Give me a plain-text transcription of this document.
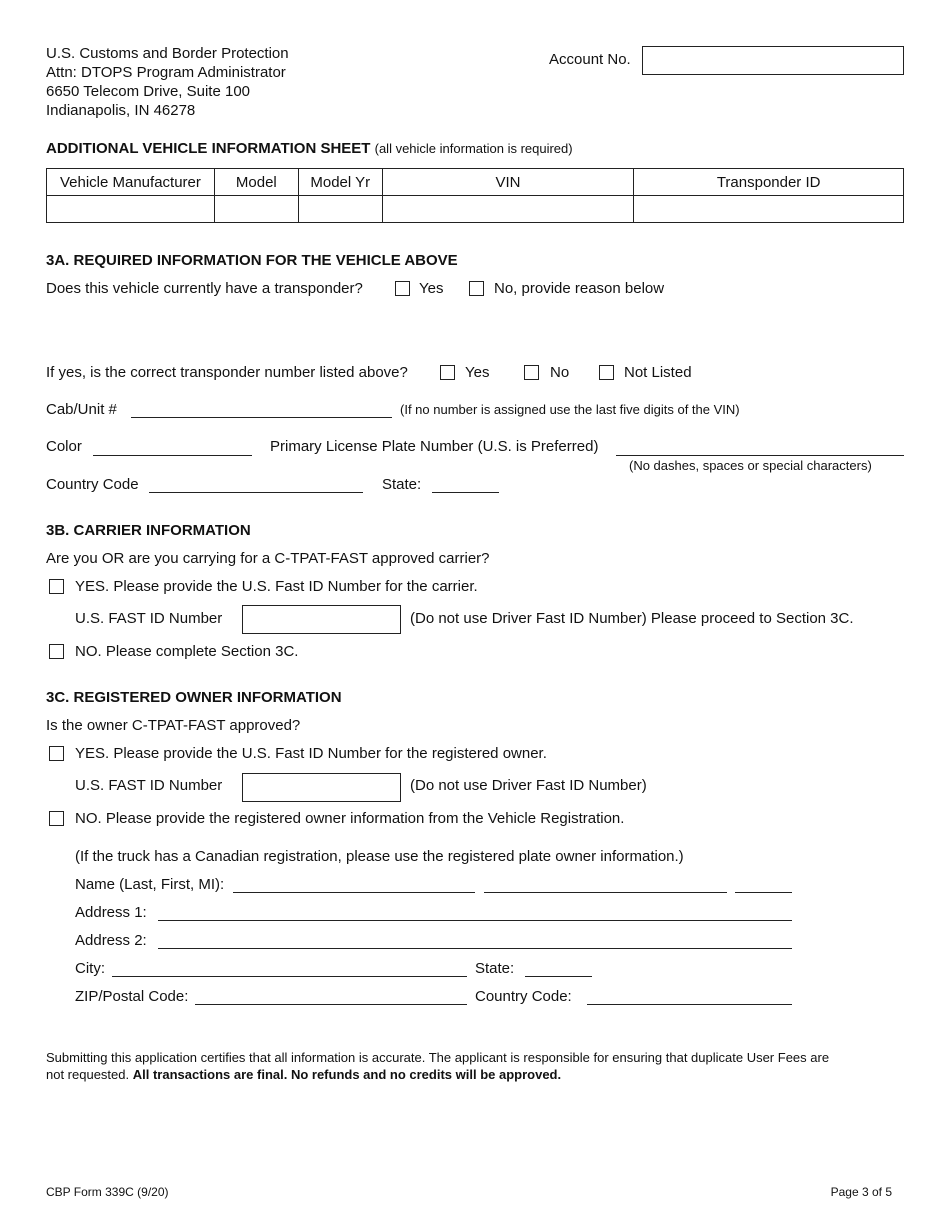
U.S. Customs and Border Protection
Attn: DTOPS Program Administrator
6650 Telecom Drive, Suite 100
Indianapolis, IN 46278
Account No.
ADDITIONAL VEHICLE INFORMATION SHEET (all vehicle information is required)
Vehicle Manufacturer	Model	Model Yr	VIN	Transponder ID

3A. REQUIRED INFORMATION FOR THE VEHICLE ABOVE
Does this vehicle currently have a transponder?	Yes	No, provide reason below
If yes, is the correct transponder number listed above?	Yes	No	Not Listed
Cab/Unit #	(If no number is assigned use the last five digits of the VIN)
Color	Primary License Plate Number (U.S. is Preferred)
(No dashes, spaces or special characters)
Country Code	State:
3B. CARRIER INFORMATION
Are you OR are you carrying for a C-TPAT-FAST approved carrier?
YES. Please provide the U.S. Fast ID Number for the carrier.
U.S. FAST ID Number	(Do not use Driver Fast ID Number) Please proceed to Section 3C.
NO. Please complete Section 3C.
3C. REGISTERED OWNER INFORMATION
Is the owner C-TPAT-FAST approved?
YES. Please provide the U.S. Fast ID Number for the registered owner.
U.S. FAST ID Number	(Do not use Driver Fast ID Number)
NO. Please provide the registered owner information from the Vehicle Registration.
(If the truck has a Canadian registration, please use the registered plate owner information.)
Name (Last, First, MI):
Address 1:
Address 2:
City:	State:
ZIP/Postal Code:	Country Code:
Submitting this application certifies that all information is accurate. The applicant is responsible for ensuring that duplicate User Fees are
not requested. All transactions are final. No refunds and no credits will be approved.
CBP Form 339C (9/20)	Page 3 of 5
